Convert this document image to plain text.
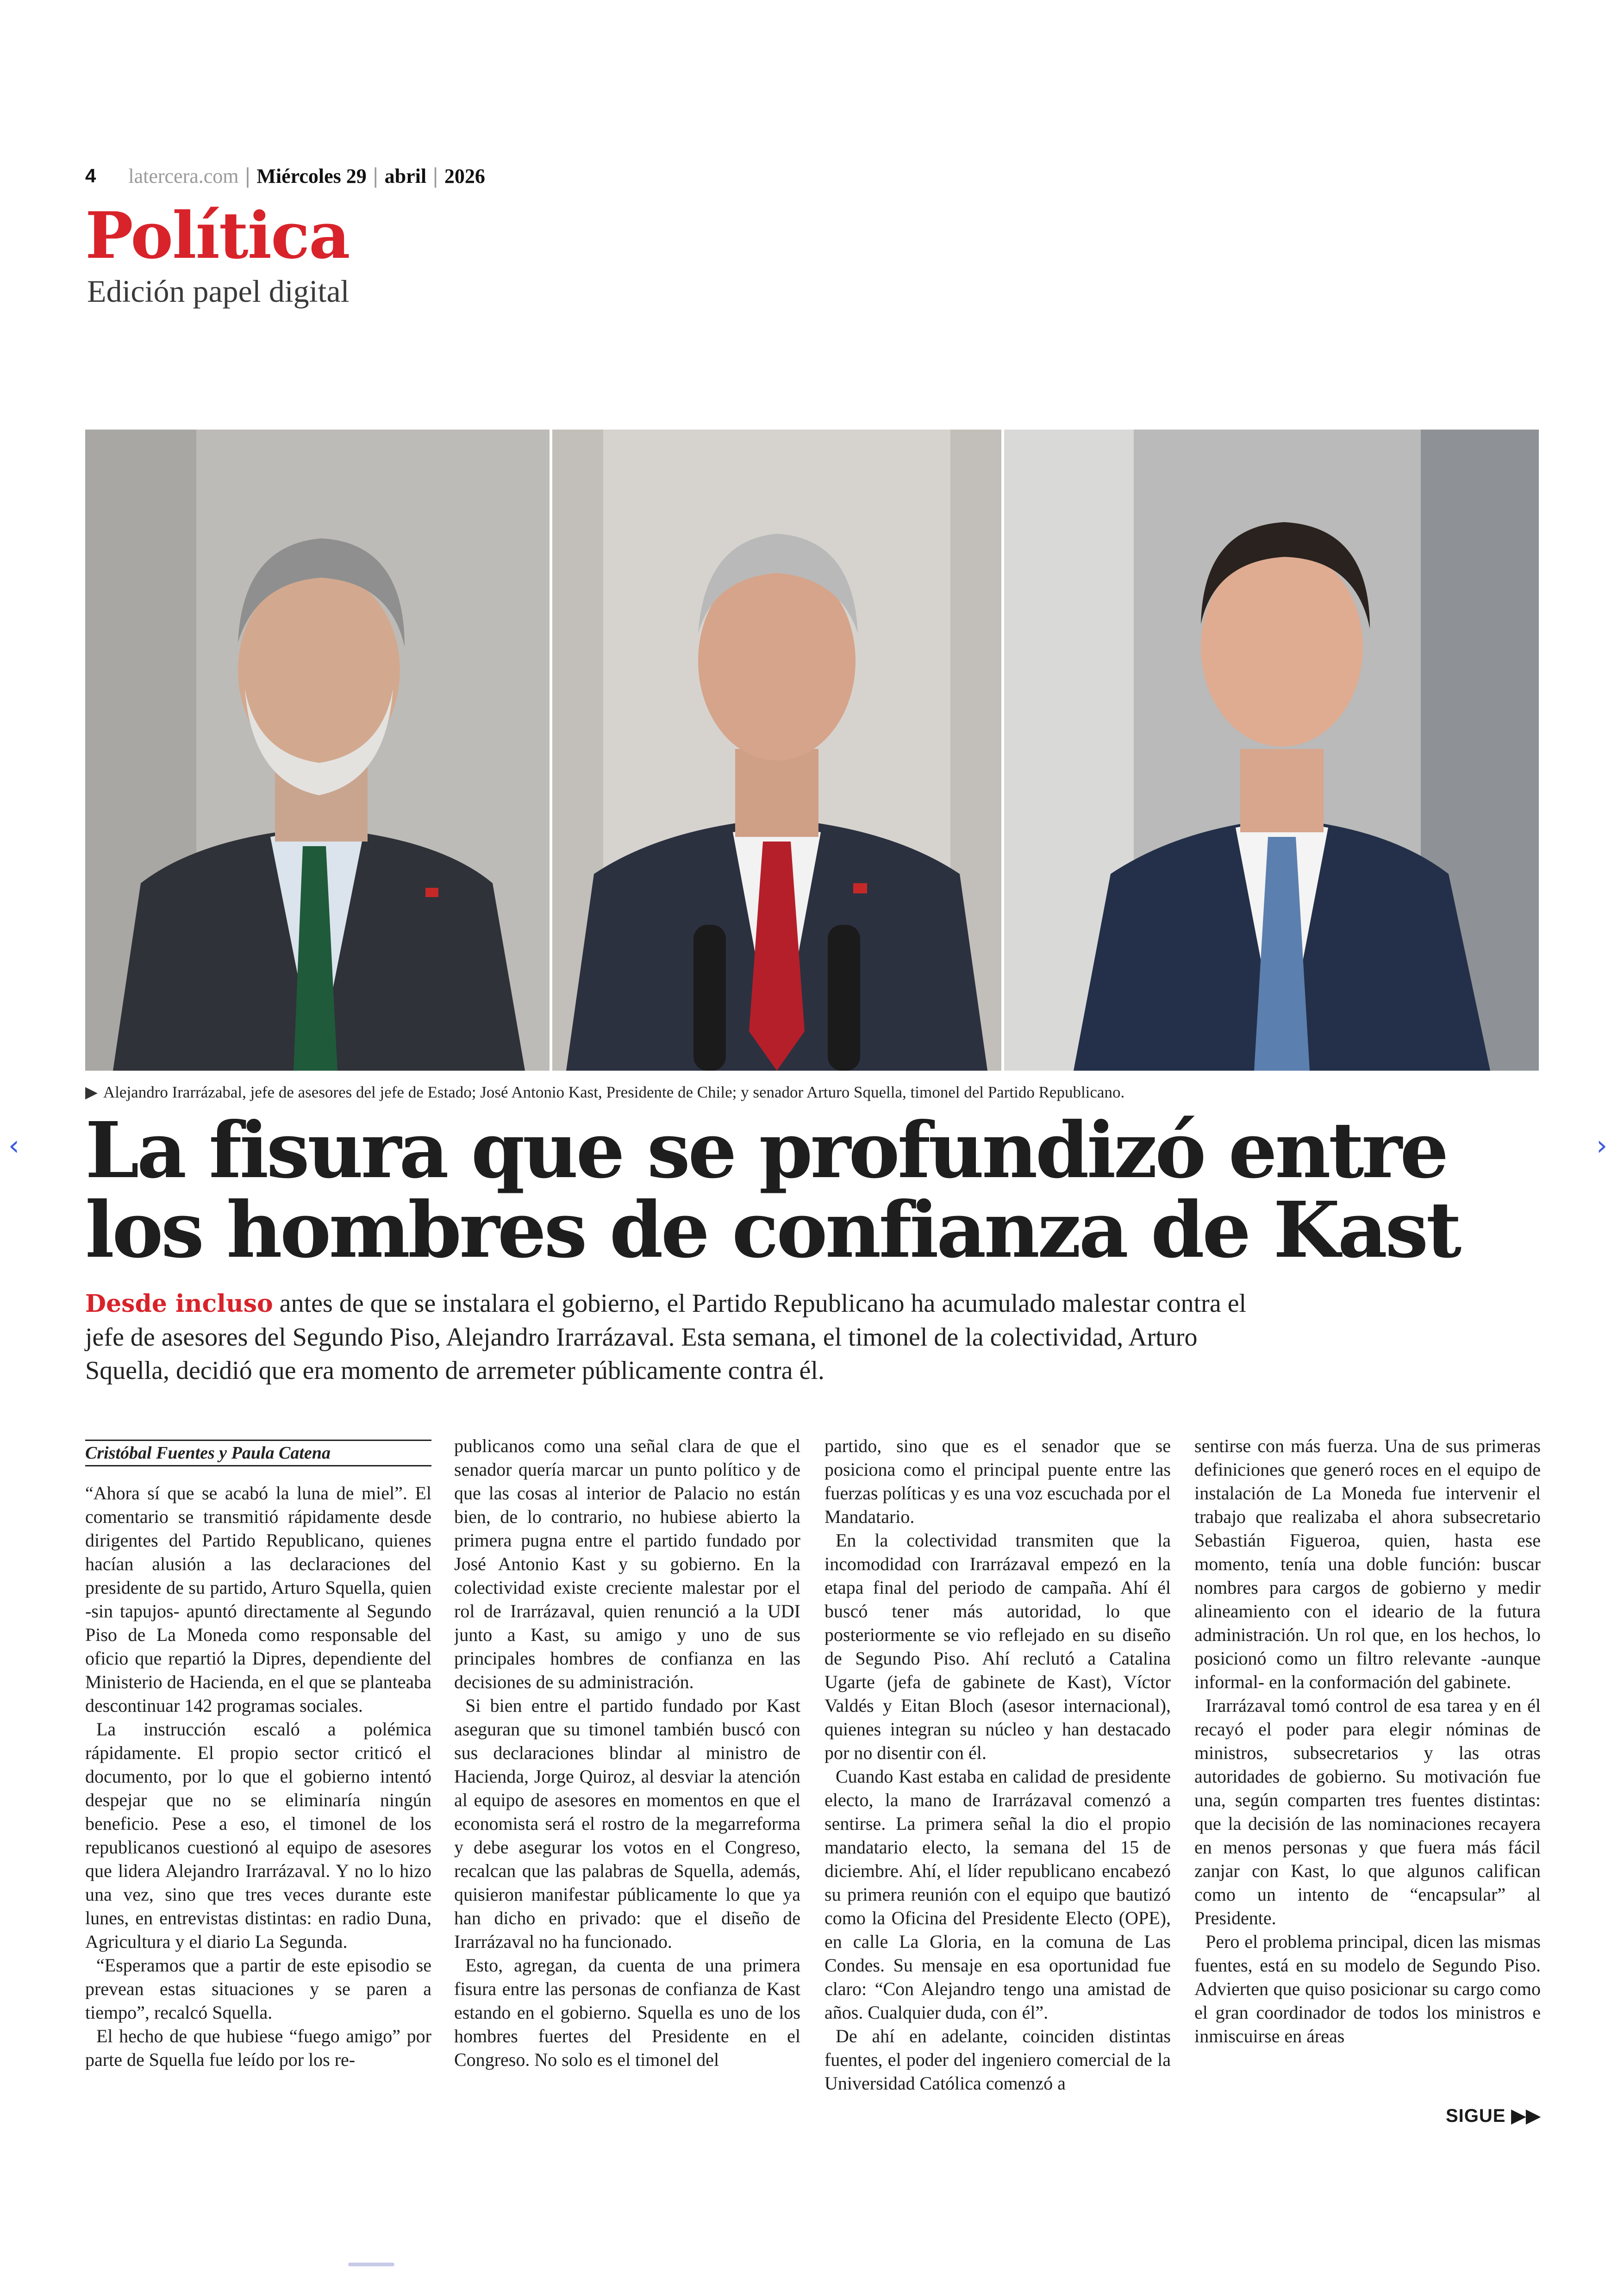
4 latercera.com | Miércoles 29 | abril | 2026
Política
Edición papel digital
▶ Alejandro Irarrázabal, jefe de asesores del jefe de Estado; José Antonio Kast, Presidente de Chile; y senador Arturo Squella, timonel del Partido Republicano.
La fisura que se profundizó entre
los hombres de confianza de Kast
Desde incluso antes de que se instalara el gobierno, el Partido Republicano ha acumulado malestar contra el jefe de asesores del Segundo Piso, Alejandro Irarrázaval. Esta semana, el timonel de la colectividad, Arturo Squella, decidió que era momento de arremeter públicamente contra él.
Cristóbal Fuentes y Paula Catena

“Ahora sí que se acabó la luna de miel”. El comentario se transmitió rápidamente desde dirigentes del Partido Republicano, quienes hacían alusión a las declaraciones del presidente de su partido, Arturo Squella, quien -sin tapujos- apuntó directamente al Segundo Piso de La Moneda como responsable del oficio que repartió la Dipres, dependiente del Ministerio de Hacienda, en el que se planteaba descontinuar 142 programas sociales.

La instrucción escaló a polémica rápidamente. El propio sector criticó el documento, por lo que el gobierno intentó despejar que no se eliminaría ningún beneficio. Pese a eso, el timonel de los republicanos cuestionó al equipo de asesores que lidera Alejandro Irarrázaval. Y no lo hizo una vez, sino que tres veces durante este lunes, en entrevistas distintas: en radio Duna, Agricultura y el diario La Segunda.

“Esperamos que a partir de este episodio se prevean estas situaciones y se paren a tiempo”, recalcó Squella.

El hecho de que hubiese “fuego amigo” por parte de Squella fue leído por los re-

publicanos como una señal clara de que el senador quería marcar un punto político y de que las cosas al interior de Palacio no están bien, de lo contrario, no hubiese abierto la primera pugna entre el partido fundado por José Antonio Kast y su gobierno. En la colectividad existe creciente malestar por el rol de Irarrázaval, quien renunció a la UDI junto a Kast, su amigo y uno de sus principales hombres de confianza en las decisiones de su administración.

Si bien entre el partido fundado por Kast aseguran que su timonel también buscó con sus declaraciones blindar al ministro de Hacienda, Jorge Quiroz, al desviar la atención al equipo de asesores en momentos en que el economista será el rostro de la megarreforma y debe asegurar los votos en el Congreso, recalcan que las palabras de Squella, además, quisieron manifestar públicamente lo que ya han dicho en privado: que el diseño de Irarrázaval no ha funcionado.

Esto, agregan, da cuenta de una primera fisura entre las personas de confianza de Kast estando en el gobierno. Squella es uno de los hombres fuertes del Presidente en el Congreso. No solo es el timonel del

partido, sino que es el senador que se posiciona como el principal puente entre las fuerzas políticas y es una voz escuchada por el Mandatario.

En la colectividad transmiten que la incomodidad con Irarrázaval empezó en la etapa final del periodo de campaña. Ahí él buscó tener más autoridad, lo que posteriormente se vio reflejado en su diseño de Segundo Piso. Ahí reclutó a Catalina Ugarte (jefa de gabinete de Kast), Víctor Valdés y Eitan Bloch (asesor internacional), quienes integran su núcleo y han destacado por no disentir con él.

Cuando Kast estaba en calidad de presidente electo, la mano de Irarrázaval comenzó a sentirse. La primera señal la dio el propio mandatario electo, la semana del 15 de diciembre. Ahí, el líder republicano encabezó su primera reunión con el equipo que bautizó como la Oficina del Presidente Electo (OPE), en calle La Gloria, en la comuna de Las Condes. Su mensaje en esa oportunidad fue claro: “Con Alejandro tengo una amistad de años. Cualquier duda, con él”.

De ahí en adelante, coinciden distintas fuentes, el poder del ingeniero comercial de la Universidad Católica comenzó a

sentirse con más fuerza. Una de sus primeras definiciones que generó roces en el equipo de instalación de La Moneda fue intervenir el trabajo que realizaba el ahora subsecretario Sebastián Figueroa, quien, hasta ese momento, tenía una doble función: buscar nombres para cargos de gobierno y medir alineamiento con el ideario de la futura administración. Un rol que, en los hechos, lo posicionó como un filtro relevante -aunque informal- en la conformación del gabinete.

Irarrázaval tomó control de esa tarea y en él recayó el poder para elegir nóminas de ministros, subsecretarios y las otras autoridades de gobierno. Su motivación fue una, según comparten tres fuentes distintas: que la decisión de las nominaciones recayera en menos personas y que fuera más fácil zanjar con Kast, lo que algunos califican como un intento de “encapsular” al Presidente.

Pero el problema principal, dicen las mismas fuentes, está en su modelo de Segundo Piso. Advierten que quiso posicionar su cargo como el gran coordinador de todos los ministros e inmiscuirse en áreas

SIGUE ▶▶
‹	›
